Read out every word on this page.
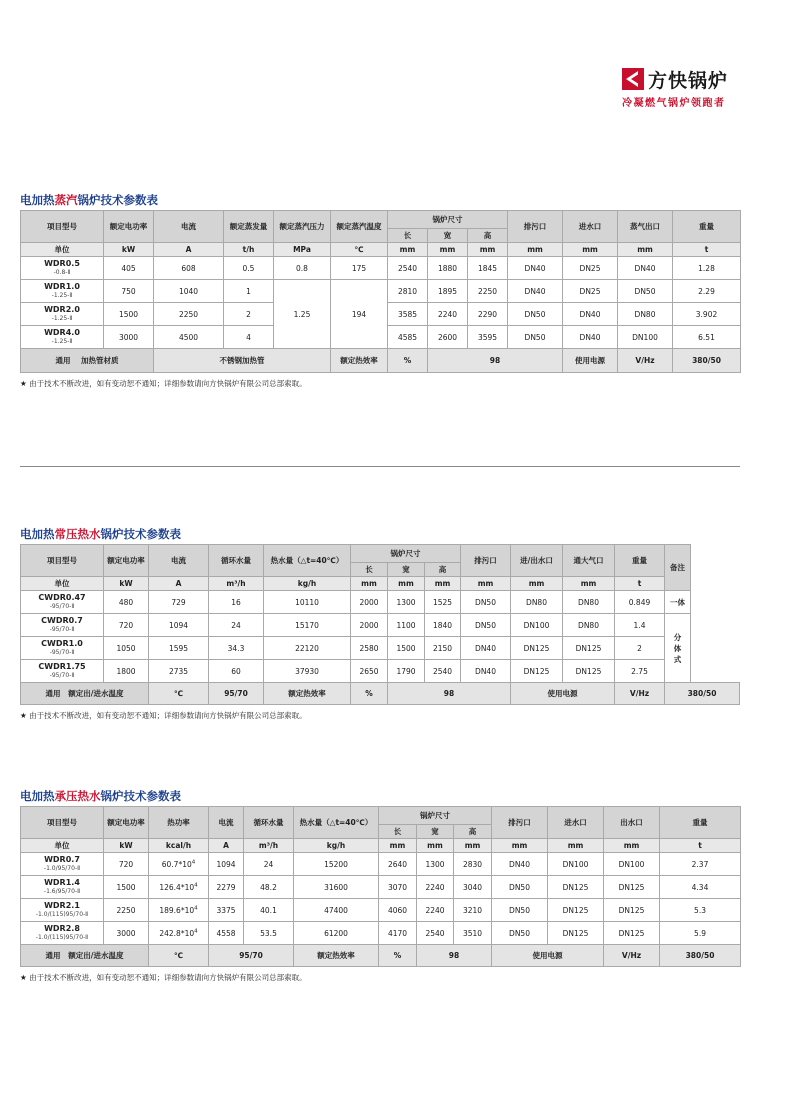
方快锅炉
冷凝燃气锅炉领跑者
电加热蒸汽锅炉技术参数表
项目型号	额定电功率	电流	额定蒸发量	额定蒸汽压力	额定蒸汽温度	锅炉尺寸			排污口	进水口	蒸气出口	重量
						长	宽	高				
单位	kW	A	t/h	MPa	℃	mm	mm	mm	mm	mm	mm	t

WDR0.5
-0.8-Ⅱ	405	608	0.5	0.8	175	2540	1880	1845	DN40	DN25	DN40	1.28

WDR1.0
-1.25-Ⅱ	750	1040	1	1.25	194	2810	1895	2250	DN40	DN25	DN50	2.29

WDR2.0
-1.25-Ⅱ	1500	2250	2			3585	2240	2290	DN50	DN40	DN80	3.902

WDR4.0
-1.25-Ⅱ	3000	4500	4			4585	2600	3595	DN50	DN40	DN100	6.51
通用 加热管材质		不锈钢加热管			额定热效率	%	98			使用电源	V/Hz	380/50
★ 由于技术不断改进，如有变动恕不通知；详细参数请向方快锅炉有限公司总部索取。
电加热常压热水锅炉技术参数表
项目型号	额定电功率	电流	循环水量	热水量（△t=40℃）	锅炉尺寸			排污口	进/出水口	通大气口	重量	备注
					长	宽	高					
单位	kW	A	m³/h	kg/h	mm	mm	mm	mm	mm	mm	t	

CWDR0.47
-95/70-Ⅱ	480	729	16	10110	2000	1300	1525	DN50	DN80	DN80	0.849	一体

CWDR0.7
-95/70-Ⅱ	720	1094	24	15170	2000	1100	1840	DN50	DN100	DN80	1.4	分
体
式

CWDR1.0
-95/70-Ⅱ	1050	1595	34.3	22120	2580	1500	2150	DN40	DN125	DN125	2	

CWDR1.75
-95/70-Ⅱ	1800	2735	60	37930	2650	1790	2540	DN40	DN125	DN125	2.75	
通用 额定出/进水温度		℃	95/70	额定热效率	%	98			使用电源		V/Hz	380/50
★ 由于技术不断改进，如有变动恕不通知；详细参数请向方快锅炉有限公司总部索取。
电加热承压热水锅炉技术参数表
项目型号	额定电功率	热功率	电流	循环水量	热水量（△t=40℃）	锅炉尺寸			排污口	进水口	出水口	重量
						长	宽	高				
单位	kW	kcal/h	A	m³/h	kg/h	mm	mm	mm	mm	mm	mm	t

WDR0.7
-1.0/95/70-Ⅱ	720	$60.7*10^4$	1094	24	15200	2640	1300	2830	DN40	DN100	DN100	2.37

WDR1.4
-1.6/95/70-Ⅱ	1500	$126.4*10^4$	2279	48.2	31600	3070	2240	3040	DN50	DN125	DN125	4.34

WDR2.1
-1.0/(115)95/70-Ⅱ	2250	$189.6*10^4$	3375	40.1	47400	4060	2240	3210	DN50	DN125	DN125	5.3

WDR2.8
-1.0/(115)95/70-Ⅱ	3000	$242.8*10^4$	4558	53.5	61200	4170	2540	3510	DN50	DN125	DN125	5.9
通用 额定出/进水温度		℃	95/70		额定热效率	%	98		使用电源		V/Hz	380/50
★ 由于技术不断改进，如有变动恕不通知；详细参数请向方快锅炉有限公司总部索取。
